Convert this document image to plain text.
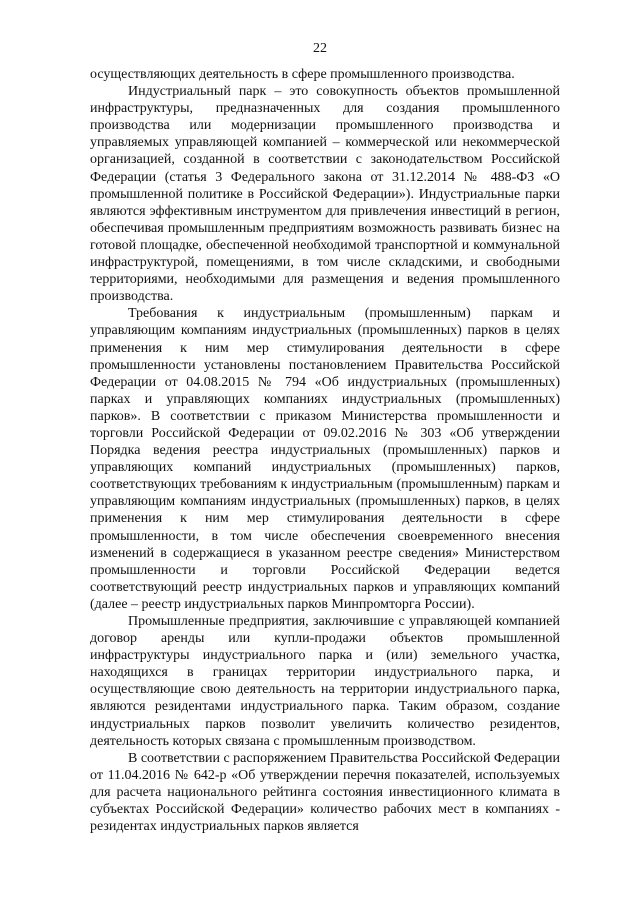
22

осуществляющих деятельность в сфере промышленного производства.

Индустриальный парк – это совокупность объектов промышленной инфраструктуры, предназначенных для создания промышленного производства или модернизации промышленного производства и управляемых управляющей компанией – коммерческой или некоммерческой организацией, созданной в соответствии с законодательством Российской Федерации (статья 3 Федерального закона от 31.12.2014 № 488-ФЗ «О промышленной политике в Российской Федерации»). Индустриальные парки являются эффективным инструментом для привлечения инвестиций в регион, обеспечивая промышленным предприятиям возможность развивать бизнес на готовой площадке, обеспеченной необходимой транспортной и коммунальной инфраструктурой, помещениями, в том числе складскими, и свободными территориями, необходимыми для размещения и ведения промышленного производства.

Требования к индустриальным (промышленным) паркам и управляющим компаниям индустриальных (промышленных) парков в целях применения к ним мер стимулирования деятельности в сфере промышленности установлены постановлением Правительства Российской Федерации от 04.08.2015 № 794 «Об индустриальных (промышленных) парках и управляющих компаниях индустриальных (промышленных) парков». В соответствии с приказом Министерства промышленности и торговли Российской Федерации от 09.02.2016 № 303 «Об утверждении Порядка ведения реестра индустриальных (промышленных) парков и управляющих компаний индустриальных (промышленных) парков, соответствующих требованиям к индустриальным (промышленным) паркам и управляющим компаниям индустриальных (промышленных) парков, в целях применения к ним мер стимулирования деятельности в сфере промышленности, в том числе обеспечения своевременного внесения изменений в содержащиеся в указанном реестре сведения» Министерством промышленности и торговли Российской Федерации ведется соответствующий реестр индустриальных парков и управляющих компаний (далее – реестр индустриальных парков Минпромторга России).

Промышленные предприятия, заключившие с управляющей компанией договор аренды или купли-продажи объектов промышленной инфраструктуры индустриального парка и (или) земельного участка, находящихся в границах территории индустриального парка, и осуществляющие свою деятельность на территории индустриального парка, являются резидентами индустриального парка. Таким образом, создание индустриальных парков позволит увеличить количество резидентов, деятельность которых связана с промышленным производством.

В соответствии с распоряжением Правительства Российской Федерации от 11.04.2016 № 642-р «Об утверждении перечня показателей, используемых для расчета национального рейтинга состояния инвестиционного климата в субъектах Российской Федерации» количество рабочих мест в компаниях - резидентах индустриальных парков является
